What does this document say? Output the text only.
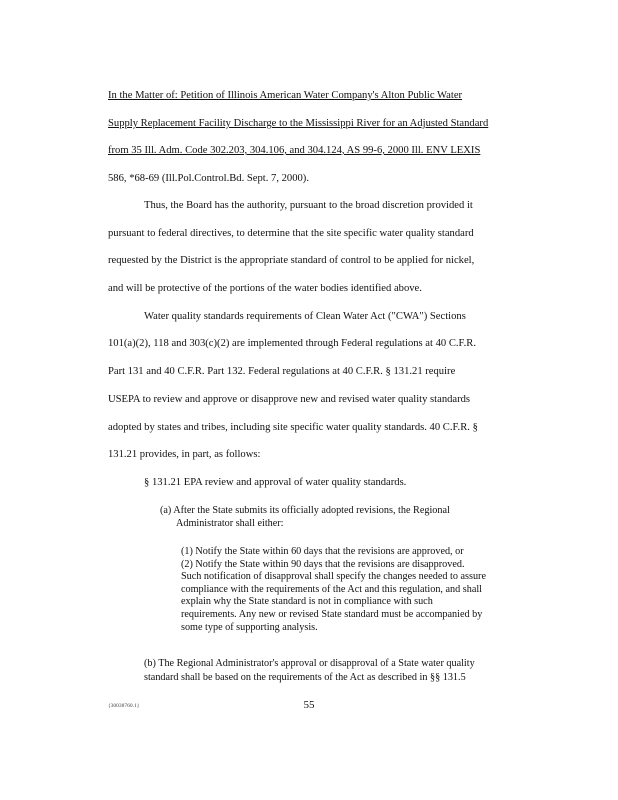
In the Matter of: Petition of Illinois American Water Company's Alton Public Water
Supply Replacement Facility Discharge to the Mississippi River for an Adjusted Standard
from 35 Ill. Adm. Code 302.203, 304.106, and 304.124, AS 99-6, 2000 Ill. ENV LEXIS
586, *68-69 (Ill.Pol.Control.Bd. Sept. 7, 2000).
Thus, the Board has the authority, pursuant to the broad discretion provided it
pursuant to federal directives, to determine that the site specific water quality standard
requested by the District is the appropriate standard of control to be applied for nickel,
and will be protective of the portions of the water bodies identified above.
Water quality standards requirements of Clean Water Act ("CWA") Sections
101(a)(2), 118 and 303(c)(2) are implemented through Federal regulations at 40 C.F.R.
Part 131 and 40 C.F.R. Part 132. Federal regulations at 40 C.F.R. § 131.21 require
USEPA to review and approve or disapprove new and revised water quality standards
adopted by states and tribes, including site specific water quality standards. 40 C.F.R. §
131.21 provides, in part, as follows:
§ 131.21 EPA review and approval of water quality standards.
(a) After the State submits its officially adopted revisions, the Regional
Administrator shall either:
(1) Notify the State within 60 days that the revisions are approved, or
(2) Notify the State within 90 days that the revisions are disapproved.
Such notification of disapproval shall specify the changes needed to assure
compliance with the requirements of the Act and this regulation, and shall
explain why the State standard is not in compliance with such
requirements. Any new or revised State standard must be accompanied by
some type of supporting analysis.
(b) The Regional Administrator's approval or disapproval of a State water quality
standard shall be based on the requirements of the Act as described in §§ 131.5
{30038760.1}	55
